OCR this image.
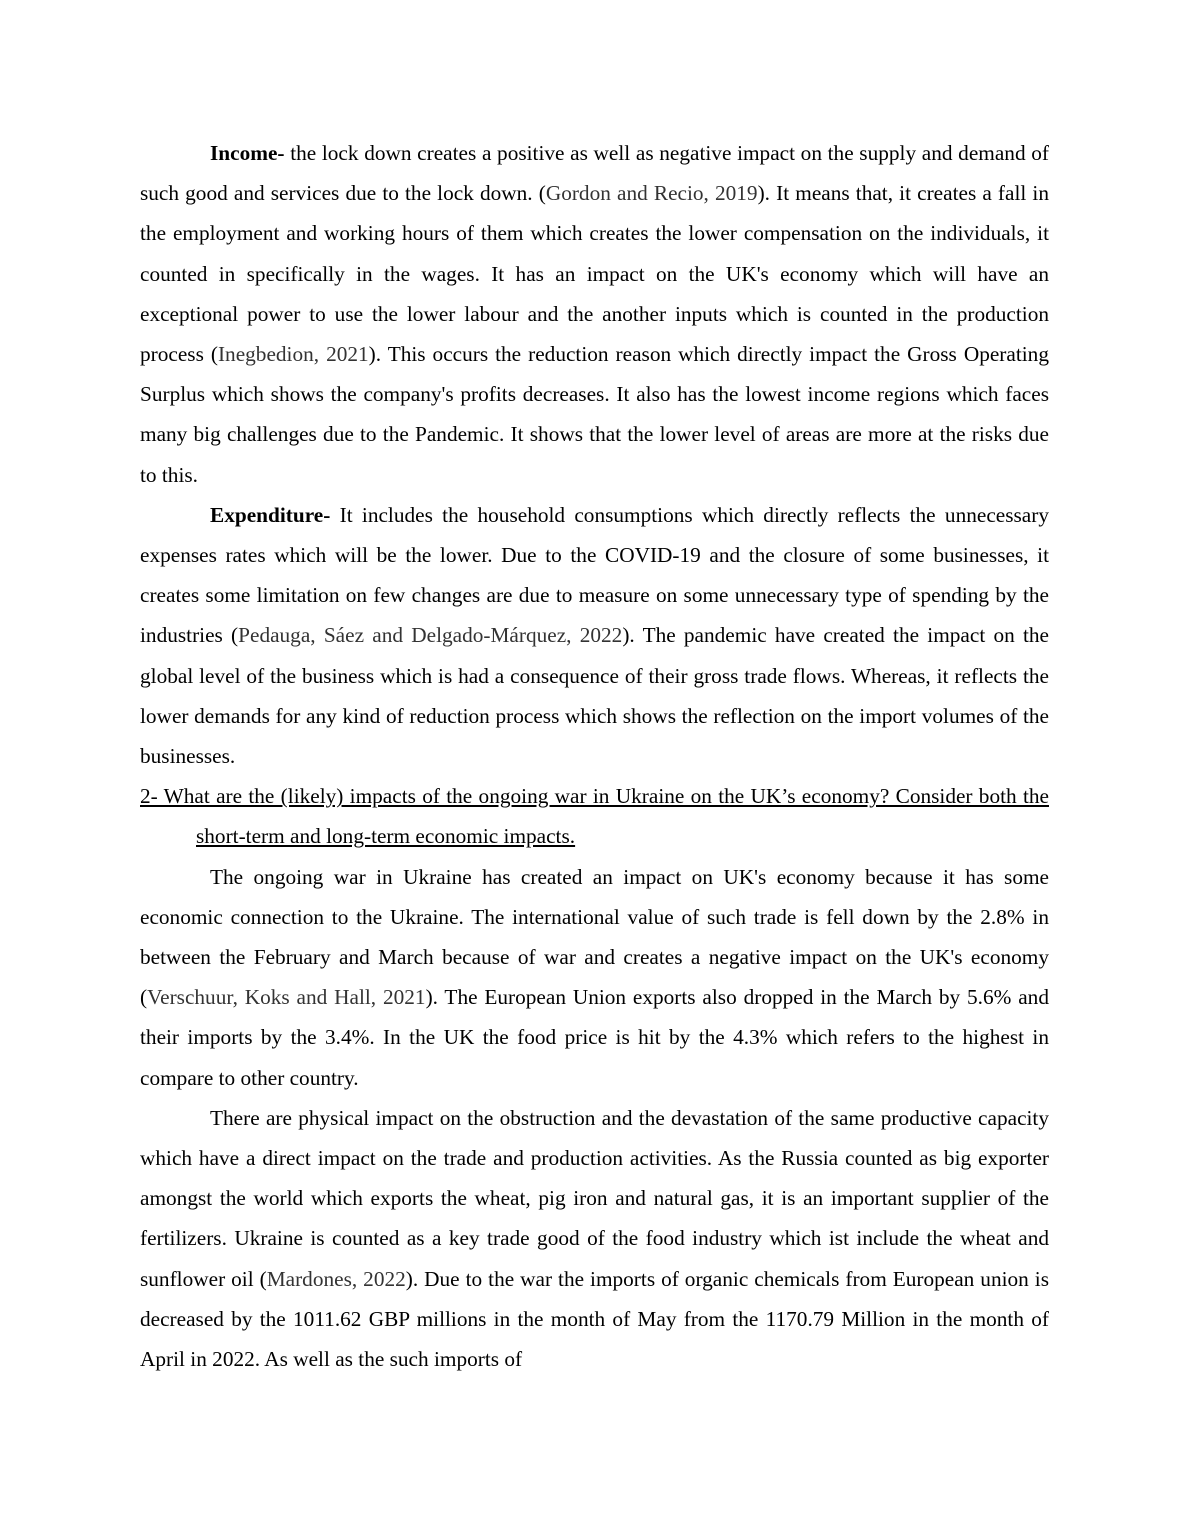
Income- the lock down creates a positive as well as negative impact on the supply and demand of such good and services due to the lock down. (Gordon and Recio, 2019). It means that, it creates a fall in the employment and working hours of them which creates the lower compensation on the individuals, it counted in specifically in the wages. It has an impact on the UK's economy which will have an exceptional power to use the lower labour and the another inputs which is counted in the production process (Inegbedion, 2021). This occurs the reduction reason which directly impact the Gross Operating Surplus which shows the company's profits decreases. It also has the lowest income regions which faces many big challenges due to the Pandemic. It shows that the lower level of areas are more at the risks due to this.

Expenditure- It includes the household consumptions which directly reflects the unnecessary expenses rates which will be the lower. Due to the COVID-19 and the closure of some businesses, it creates some limitation on few changes are due to measure on some unnecessary type of spending by the industries (Pedauga, Sáez and Delgado-Márquez, 2022). The pandemic have created the impact on the global level of the business which is had a consequence of their gross trade flows. Whereas, it reflects the lower demands for any kind of reduction process which shows the reflection on the import volumes of the businesses.

2- What are the (likely) impacts of the ongoing war in Ukraine on the UK’s economy? Consider both the short-term and long-term economic impacts.

The ongoing war in Ukraine has created an impact on UK's economy because it has some economic connection to the Ukraine. The international value of such trade is fell down by the 2.8% in between the February and March because of war and creates a negative impact on the UK's economy (Verschuur, Koks and Hall, 2021). The European Union exports also dropped in the March by 5.6% and their imports by the 3.4%. In the UK the food price is hit by the 4.3% which refers to the highest in compare to other country.

There are physical impact on the obstruction and the devastation of the same productive capacity which have a direct impact on the trade and production activities. As the Russia counted as big exporter amongst the world which exports the wheat, pig iron and natural gas, it is an important supplier of the fertilizers. Ukraine is counted as a key trade good of the food industry which ist include the wheat and sunflower oil (Mardones, 2022). Due to the war the imports of organic chemicals from European union is decreased by the 1011.62 GBP millions in the month of May from the 1170.79 Million in the month of April in 2022. As well as the such imports of
